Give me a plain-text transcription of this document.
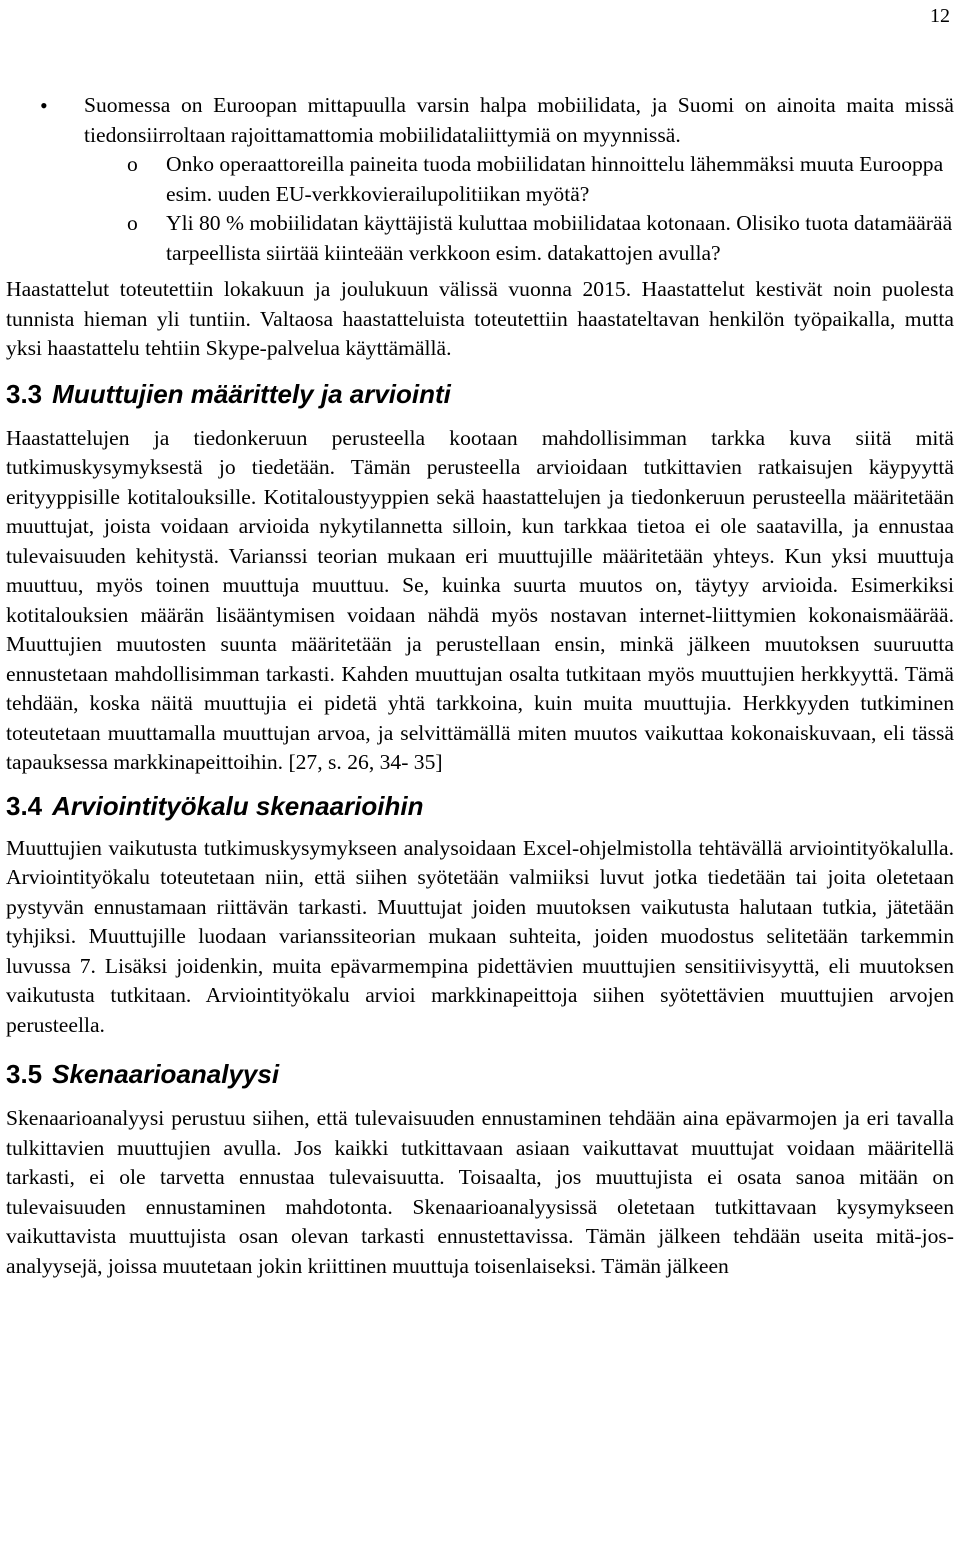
12
• Suomessa on Euroopan mittapuulla varsin halpa mobiilidata, ja Suomi on ainoita maita missä tiedonsiirroltaan rajoittamattomia mobiilidataliittymiä on myynnissä.
o Onko operaattoreilla paineita tuoda mobiilidatan hinnoittelu lähemmäksi muuta Eurooppa esim. uuden EU-verkkovierailupolitiikan myötä?
o Yli 80 % mobiilidatan käyttäjistä kuluttaa mobiilidataa kotonaan. Olisiko tuota datamäärää tarpeellista siirtää kiinteään verkkoon esim. datakattojen avulla?

Haastattelut toteutettiin lokakuun ja joulukuun välissä vuonna 2015. Haastattelut kestivät noin puolesta tunnista hieman yli tuntiin. Valtaosa haastatteluista toteutettiin haastateltavan henkilön työpaikalla, mutta yksi haastattelu tehtiin Skype-palvelua käyttämällä.

3.3 Muuttujien määrittely ja arviointi

Haastattelujen ja tiedonkeruun perusteella kootaan mahdollisimman tarkka kuva siitä mitä tutkimuskysymyksestä jo tiedetään. Tämän perusteella arvioidaan tutkittavien ratkaisujen käypyyttä erityyppisille kotitalouksille. Kotitaloustyyppien sekä haastattelujen ja tiedonkeruun perusteella määritetään muuttujat, joista voidaan arvioida nykytilannetta silloin, kun tarkkaa tietoa ei ole saatavilla, ja ennustaa tulevaisuuden kehitystä. Varianssi teorian mukaan eri muuttujille määritetään yhteys. Kun yksi muuttuja muuttuu, myös toinen muuttuja muuttuu. Se, kuinka suurta muutos on, täytyy arvioida. Esimerkiksi kotitalouksien määrän lisääntymisen voidaan nähdä myös nostavan internet-liittymien kokonaismäärää. Muuttujien muutosten suunta määritetään ja perustellaan ensin, minkä jälkeen muutoksen suuruutta ennustetaan mahdollisimman tarkasti. Kahden muuttujan osalta tutkitaan myös muuttujien herkkyyttä. Tämä tehdään, koska näitä muuttujia ei pidetä yhtä tarkkoina, kuin muita muuttujia. Herkkyyden tutkiminen toteutetaan muuttamalla muuttujan arvoa, ja selvittämällä miten muutos vaikuttaa kokonaiskuvaan, eli tässä tapauksessa markkinapeittoihin. [27, s. 26, 34- 35]

3.4 Arviointityökalu skenaarioihin

Muuttujien vaikutusta tutkimuskysymykseen analysoidaan Excel-ohjelmistolla tehtävällä arviointityökalulla. Arviointityökalu toteutetaan niin, että siihen syötetään valmiiksi luvut jotka tiedetään tai joita oletetaan pystyvän ennustamaan riittävän tarkasti. Muuttujat joiden muutoksen vaikutusta halutaan tutkia, jätetään tyhjiksi. Muuttujille luodaan varianssiteorian mukaan suhteita, joiden muodostus selitetään tarkemmin luvussa 7. Lisäksi joidenkin, muita epävarmempina pidettävien muuttujien sensitiivisyyttä, eli muutoksen vaikutusta tutkitaan. Arviointityökalu arvioi markkinapeittoja siihen syötettävien muuttujien arvojen perusteella.

3.5 Skenaarioanalyysi

Skenaarioanalyysi perustuu siihen, että tulevaisuuden ennustaminen tehdään aina epävarmojen ja eri tavalla tulkittavien muuttujien avulla. Jos kaikki tutkittavaan asiaan vaikuttavat muuttujat voidaan määritellä tarkasti, ei ole tarvetta ennustaa tulevaisuutta. Toisaalta, jos muuttujista ei osata sanoa mitään on tulevaisuuden ennustaminen mahdotonta. Skenaarioanalyysissä oletetaan tutkittavaan kysymykseen vaikuttavista muuttujista osan olevan tarkasti ennustettavissa. Tämän jälkeen tehdään useita mitä-jos-analyysejä, joissa muutetaan jokin kriittinen muuttuja toisenlaiseksi. Tämän jälkeen
